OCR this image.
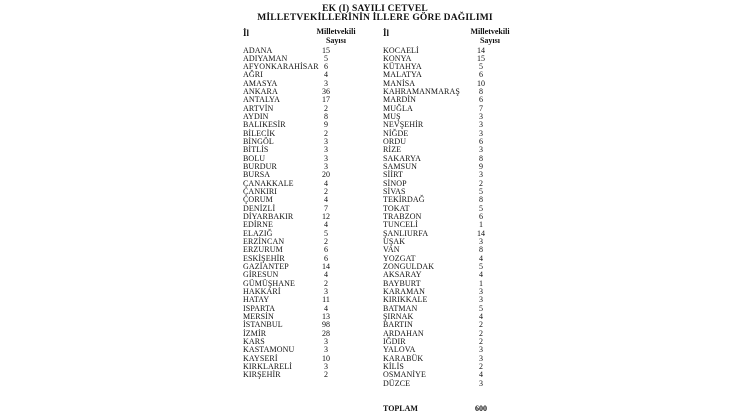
EK (I) SAYILI CETVEL
MİLLETVEKİLLERİNİN İLLERE GÖRE DAĞILIMI
İl	Milletvekili
Sayısı
ADANA	15
ADIYAMAN	5
AFYONKARAHİSAR 6
AĞRI	4
AMASYA	3
ANKARA	36
ANTALYA	17
ARTVİN	2
AYDIN	8
BALIKESİR	9
BİLECİK	2
BİNGÖL	3
BİTLİS	3
BOLU	3
BURDUR	3
BURSA	20
ÇANAKKALE	4
ÇANKIRI	2
ÇORUM	4
DENİZLİ	7
DİYARBAKIR	12
EDİRNE	4
ELAZIĞ	5
ERZİNCAN	2
ERZURUM	6
ESKİŞEHİR	6
GAZİANTEP	14
GİRESUN	4
GÜMÜŞHANE	2
HAKKARİ	3
HATAY	11
ISPARTA	4
MERSİN	13
İSTANBUL	98
İZMİR	28
KARS	3
KASTAMONU	3
KAYSERİ	10
KIRKLARELİ	3
KIRŞEHİR	2
İl	Milletvekili
Sayısı
KOCAELİ	14
KONYA	15
KÜTAHYA	5
MALATYA	6
MANİSA	10
KAHRAMANMARAŞ	8
MARDİN	6
MUĞLA	7
MUŞ	3
NEVŞEHİR	3
NİĞDE	3
ORDU	6
RİZE	3
SAKARYA	8
SAMSUN	9
SİİRT	3
SİNOP	2
SİVAS	5
TEKİRDAĞ	8
TOKAT	5
TRABZON	6
TUNCELİ	1
ŞANLIURFA	14
UŞAK	3
VAN	8
YOZGAT	4
ZONGULDAK	5
AKSARAY	4
BAYBURT	1
KARAMAN	3
KIRIKKALE	3
BATMAN	5
ŞIRNAK	4
BARTIN	2
ARDAHAN	2
IĞDIR	2
YALOVA	3
KARABÜK	3
KİLİS	2
OSMANİYE	4
DÜZCE	3
TOPLAM	600
